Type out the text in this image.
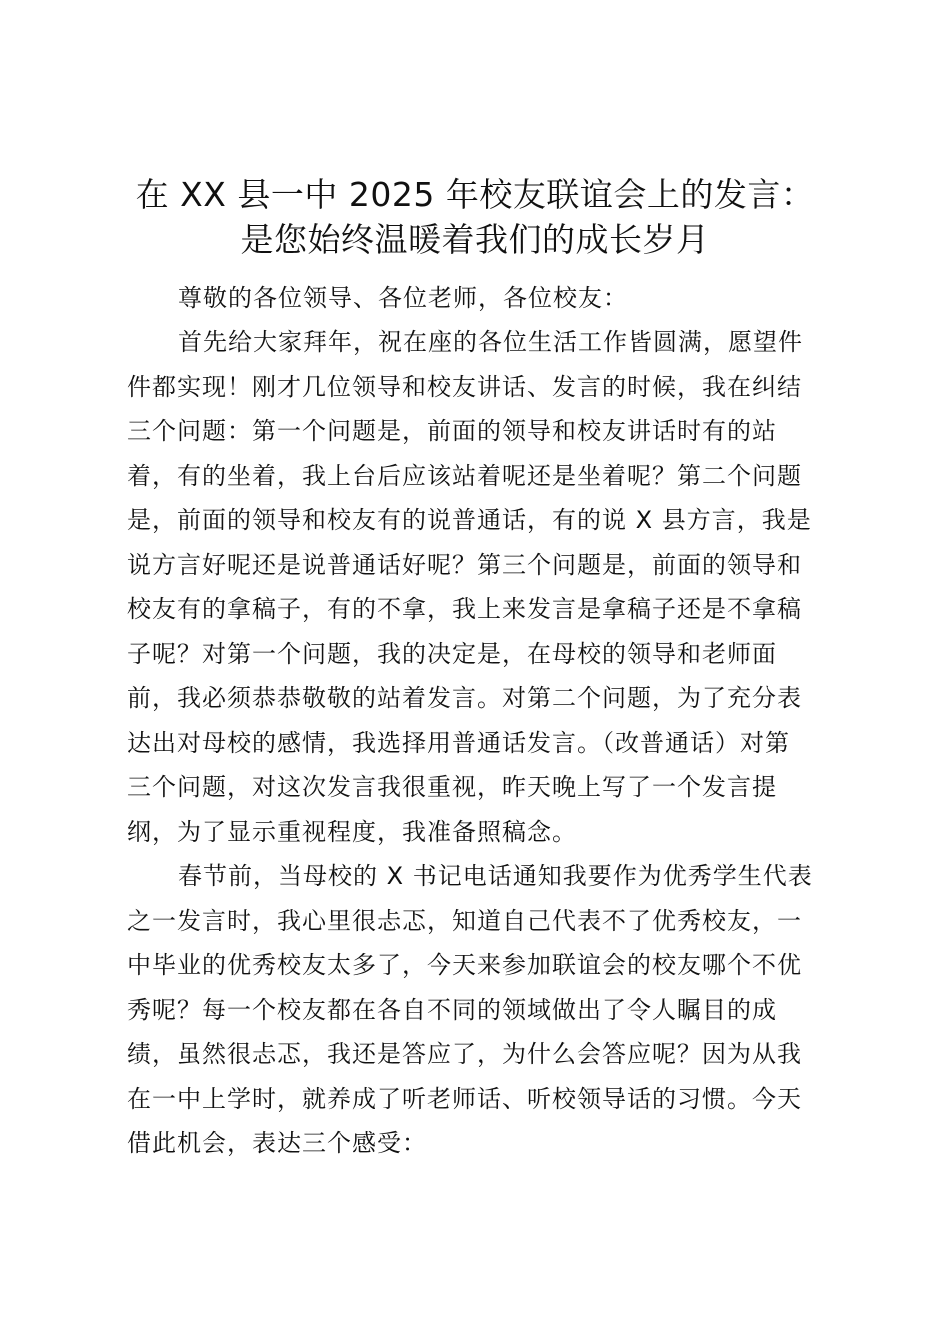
在 XX 县一中 2025 年校友联谊会上的发言：
是您始终温暖着我们的成长岁月
尊敬的各位领导、各位老师，各位校友：
首先给大家拜年，祝在座的各位生活工作皆圆满，愿望件
件都实现！刚才几位领导和校友讲话、发言的时候，我在纠结
三个问题：第一个问题是，前面的领导和校友讲话时有的站
着，有的坐着，我上台后应该站着呢还是坐着呢？第二个问题
是，前面的领导和校友有的说普通话，有的说 X 县方言，我是
说方言好呢还是说普通话好呢？第三个问题是，前面的领导和
校友有的拿稿子，有的不拿，我上来发言是拿稿子还是不拿稿
子呢？对第一个问题，我的决定是，在母校的领导和老师面
前，我必须恭恭敬敬的站着发言。对第二个问题，为了充分表
达出对母校的感情，我选择用普通话发言。（改普通话）对第
三个问题，对这次发言我很重视，昨天晚上写了一个发言提
纲，为了显示重视程度，我准备照稿念。
春节前，当母校的 X 书记电话通知我要作为优秀学生代表
之一发言时，我心里很忐忑，知道自己代表不了优秀校友，一
中毕业的优秀校友太多了，今天来参加联谊会的校友哪个不优
秀呢？每一个校友都在各自不同的领域做出了令人瞩目的成
绩，虽然很忐忑，我还是答应了，为什么会答应呢？因为从我
在一中上学时，就养成了听老师话、听校领导话的习惯。今天
借此机会，表达三个感受：
